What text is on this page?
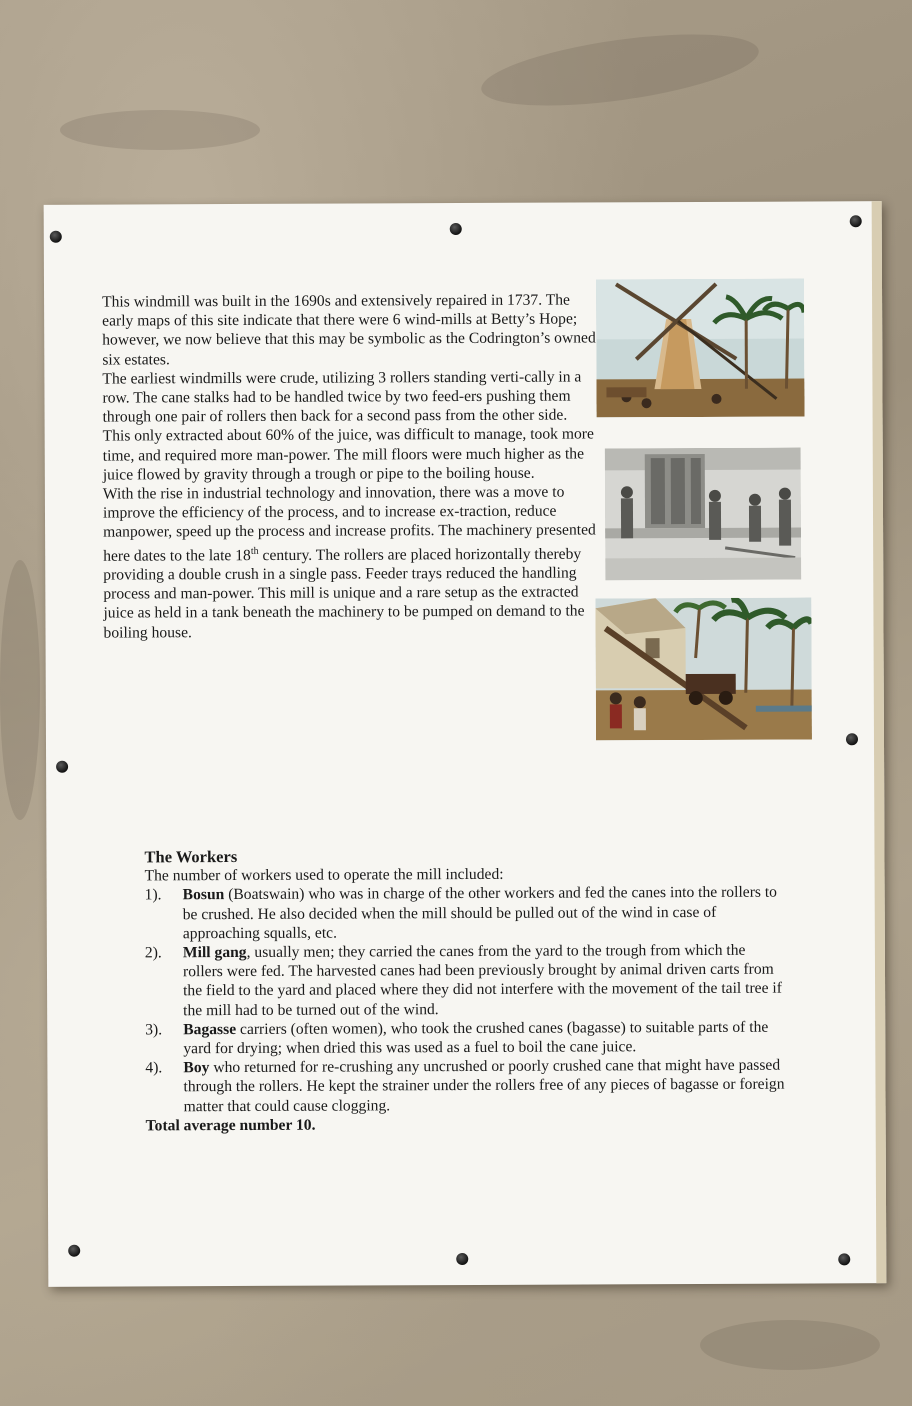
This windmill was built in the 1690s and extensively repaired in 1737. The early maps of this site indicate that there were 6 wind-mills at Betty’s Hope; however, we now believe that this may be symbolic as the Codrington’s owned six estates.

The earliest windmills were crude, utilizing 3 rollers standing verti-cally in a row. The cane stalks had to be handled twice by two feed-ers pushing them through one pair of rollers then back for a second pass from the other side. This only extracted about 60% of the juice, was difficult to manage, took more time, and required more man-power. The mill floors were much higher as the juice flowed by gravity through a trough or pipe to the boiling house.

With the rise in industrial technology and innovation, there was a move to improve the efficiency of the process, and to increase ex-traction, reduce manpower, speed up the process and increase profits. The machinery presented here dates to the late 18th century. The rollers are placed horizontally thereby providing a double crush in a single pass. Feeder trays reduced the handling process and man-power. This mill is unique and a rare setup as the extracted juice as held in a tank beneath the machinery to be pumped on demand to the boiling house.

The Workers

The number of workers used to operate the mill included:

1). Bosun (Boatswain) who was in charge of the other workers and fed the canes into the rollers to be crushed. He also decided when the mill should be pulled out of the wind in case of approaching squalls, etc.
2). Mill gang, usually men; they carried the canes from the yard to the trough from which the rollers were fed. The harvested canes had been previously brought by animal driven carts from the field to the yard and placed where they did not interfere with the movement of the tail tree if the mill had to be turned out of the wind.
3). Bagasse carriers (often women), who took the crushed canes (bagasse) to suitable parts of the yard for drying; when dried this was used as a fuel to boil the cane juice.
4). Boy who returned for re-crushing any uncrushed or poorly crushed cane that might have passed through the rollers. He kept the strainer under the rollers free of any pieces of bagasse or foreign matter that could cause clogging.

Total average number 10.
